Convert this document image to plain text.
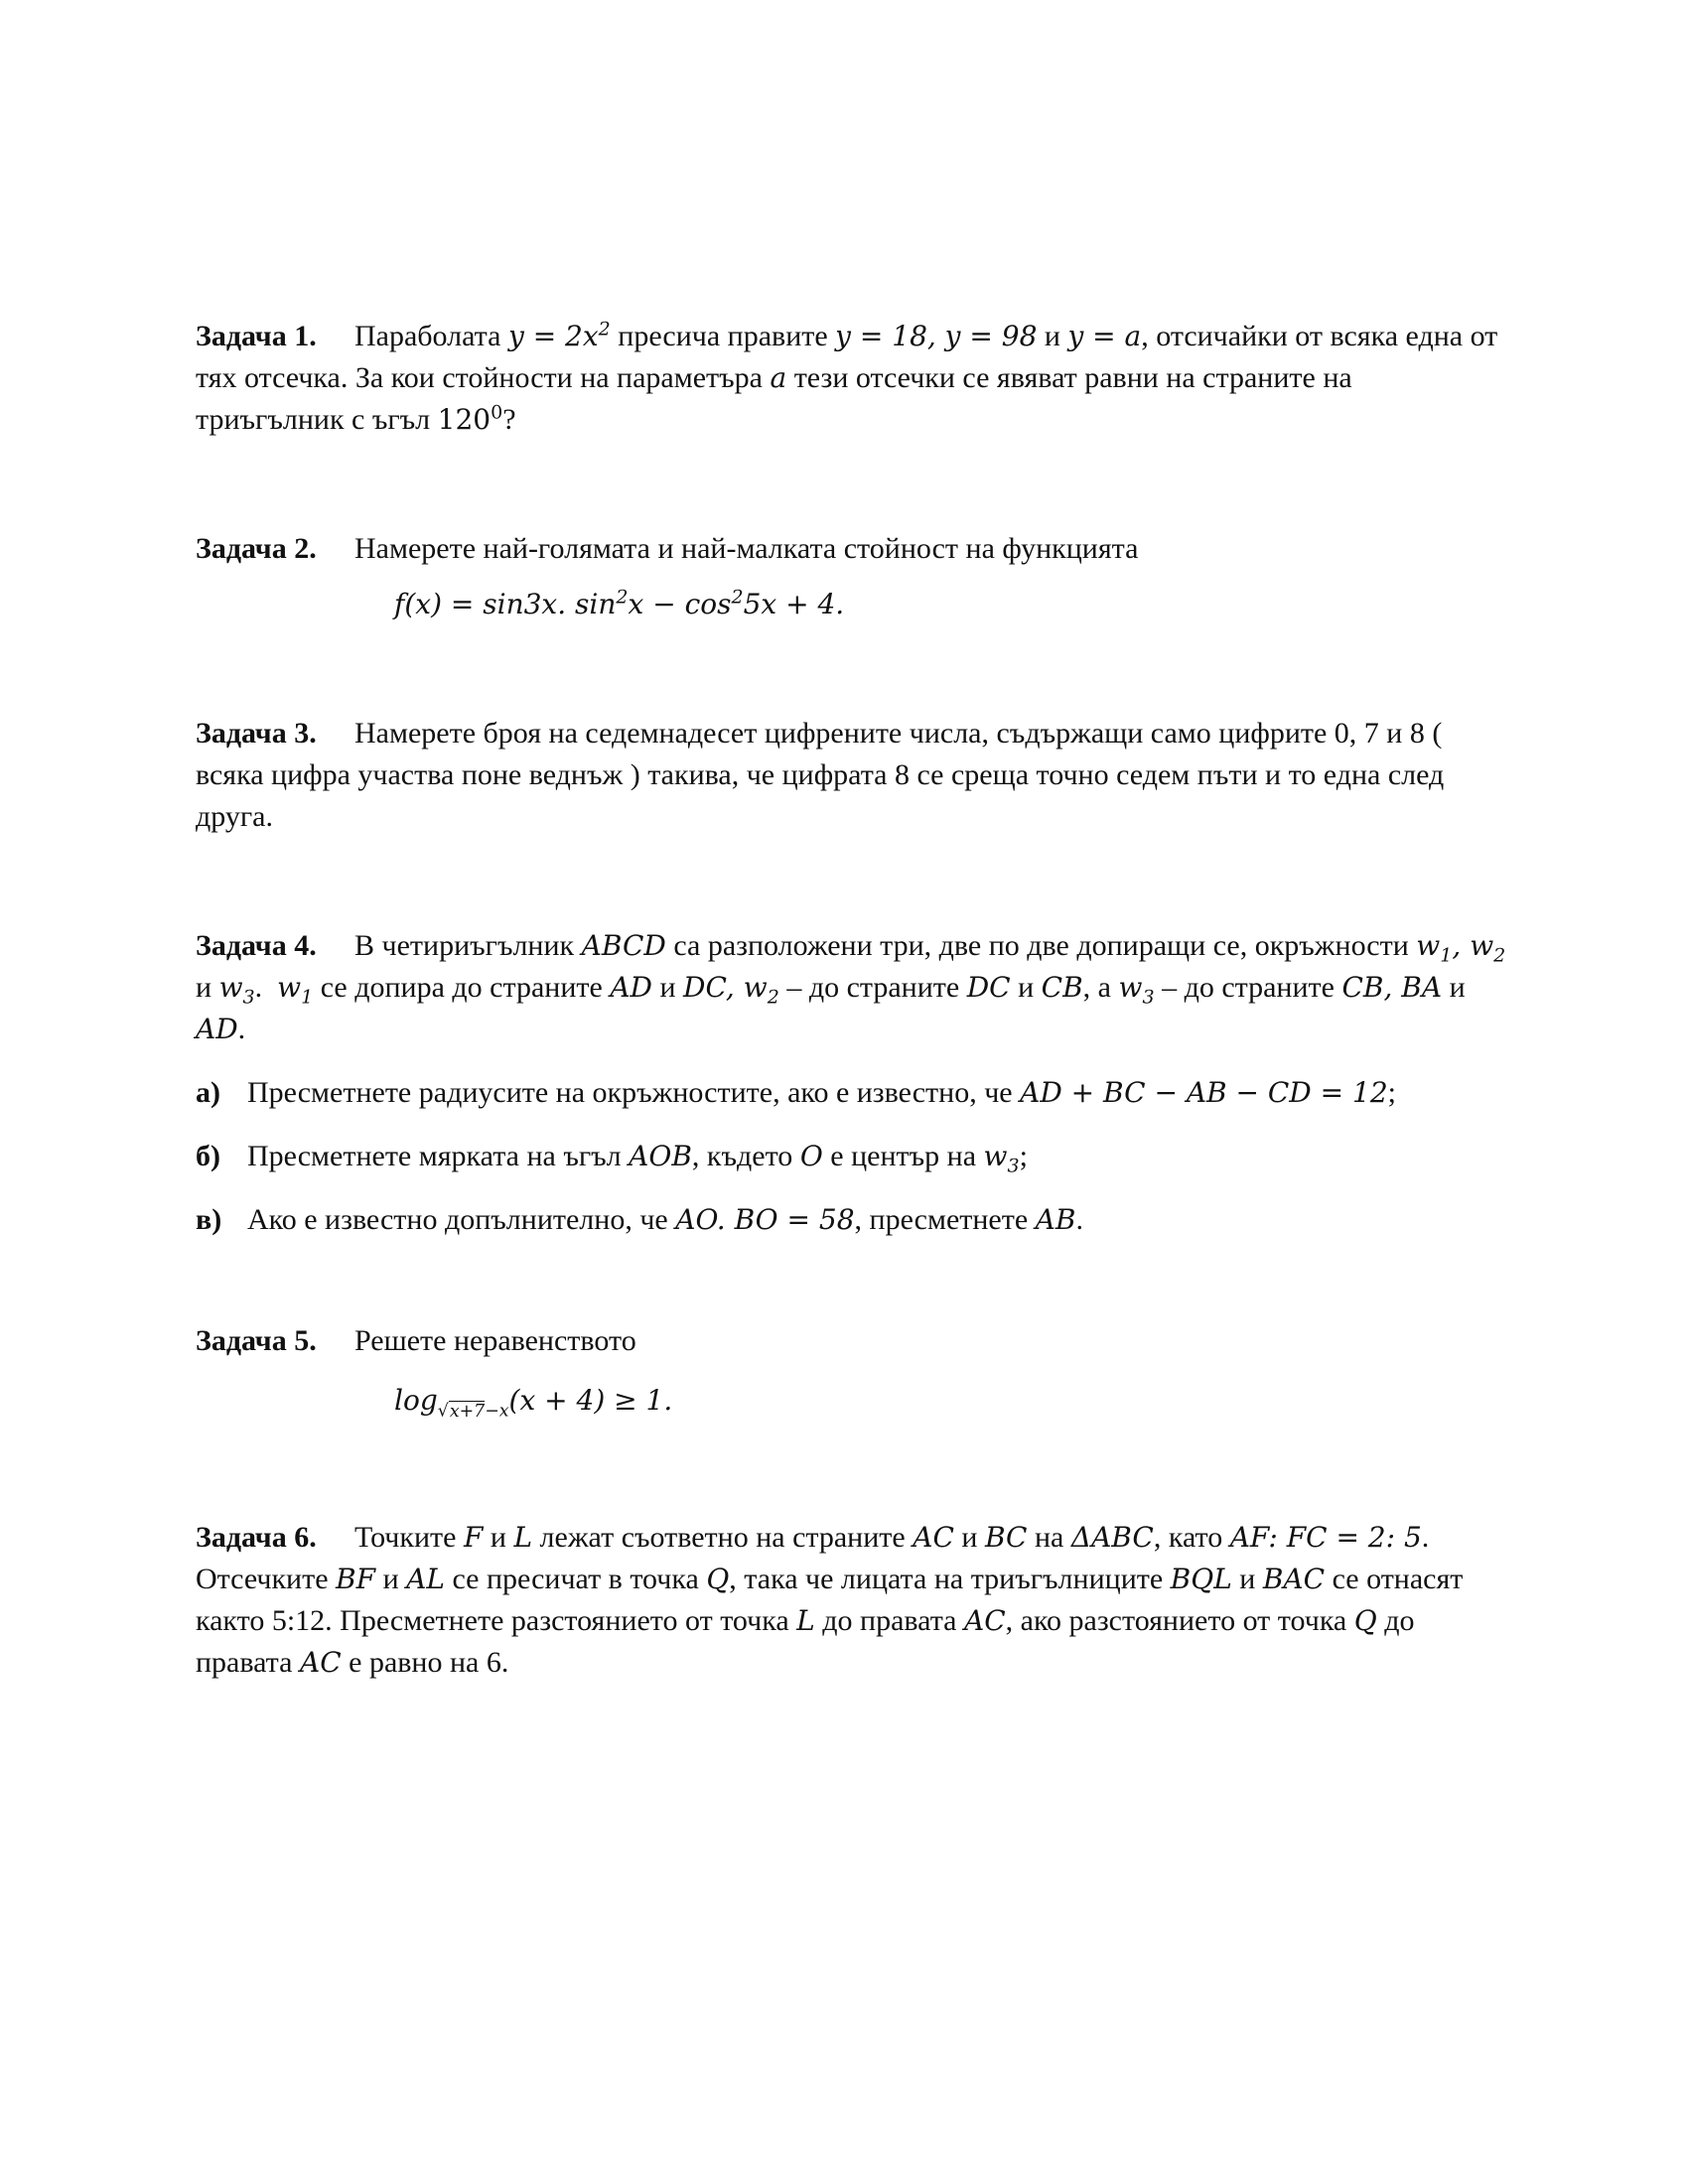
Задача 1. Параболата $y = 2x^2$ пресича правите y = 18, y = 98 и y = a, отсичайки от всяка една от тях отсечка. За кои стойности на параметъра a тези отсечки се явяват равни на страните на триъгълник с ъгъл $120^0$?
Задача 2. Намерете най-голямата и най-малката стойност на функцията
f(x) = sin3x. $\sin^2x - \cos^25x + 4$.
Задача 3. Намерете броя на седемнадесет цифрените числа, съдържащи само цифрите 0, 7 и 8 ( всяка цифра участва поне веднъж ) такива, че цифрата 8 се среща точно седем пъти и то една след друга.
Задача 4. В четириъгълник ABCD са разположени три, две по две допиращи се, окръжности $w_1$, $w_2$ и $w_3$. $w_1$ се допира до страните AD и DC, $w_2$ – до страните DC и CB, а $w_3$ – до страните CB, BA и AD.
а) Пресметнете радиусите на окръжностите, ако е известно, че AD + BC − AB − CD = 12;
б) Пресметнете мярката на ъгъл AOB, където O е център на $w_3$;
в) Ако е известно допълнително, че AO. BO = 58, пресметнете AB.
Задача 5. Решете неравенството
$\log_{√x+7-x}(x + 4) \ge 1$.
Задача 6. Точките F и L лежат съответно на страните AC и BC на ΔABC, като AF: FC = 2: 5. Отсечките BF и AL се пресичат в точка Q, така че лицата на триъгълниците BQL и BAC се отнасят както 5:12. Пресметнете разстоянието от точка L до правата AC, ако разстоянието от точка Q до правата AC е равно на 6.
